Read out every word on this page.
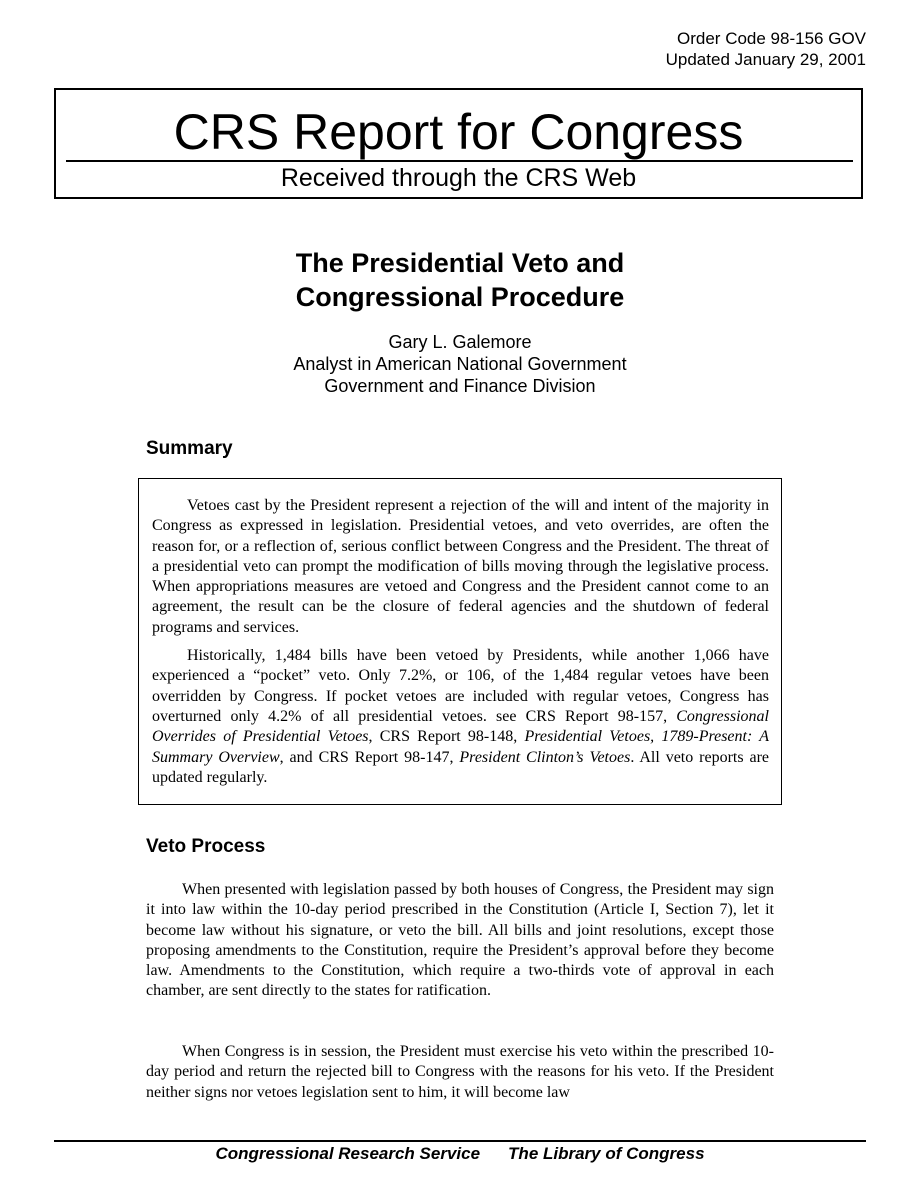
Order Code 98-156 GOV
Updated January 29, 2001
CRS Report for Congress
Received through the CRS Web
The Presidential Veto and
Congressional Procedure
Gary L. Galemore
Analyst in American National Government
Government and Finance Division
Summary

Vetoes cast by the President represent a rejection of the will and intent of the majority in Congress as expressed in legislation. Presidential vetoes, and veto overrides, are often the reason for, or a reflection of, serious conflict between Congress and the President. The threat of a presidential veto can prompt the modification of bills moving through the legislative process. When appropriations measures are vetoed and Congress and the President cannot come to an agreement, the result can be the closure of federal agencies and the shutdown of federal programs and services.

Historically, 1,484 bills have been vetoed by Presidents, while another 1,066 have experienced a “pocket” veto. Only 7.2%, or 106, of the 1,484 regular vetoes have been overridden by Congress. If pocket vetoes are included with regular vetoes, Congress has overturned only 4.2% of all presidential vetoes. see CRS Report 98-157, Congressional Overrides of Presidential Vetoes, CRS Report 98-148, Presidential Vetoes, 1789-Present: A Summary Overview, and CRS Report 98-147, President Clinton’s Vetoes. All veto reports are updated regularly.

Veto Process

When presented with legislation passed by both houses of Congress, the President may sign it into law within the 10-day period prescribed in the Constitution (Article I, Section 7), let it become law without his signature, or veto the bill. All bills and joint resolutions, except those proposing amendments to the Constitution, require the President’s approval before they become law. Amendments to the Constitution, which require a two-thirds vote of approval in each chamber, are sent directly to the states for ratification.

When Congress is in session, the President must exercise his veto within the prescribed 10-day period and return the rejected bill to Congress with the reasons for his veto. If the President neither signs nor vetoes legislation sent to him, it will become law

Congressional Research Service The Library of Congress
